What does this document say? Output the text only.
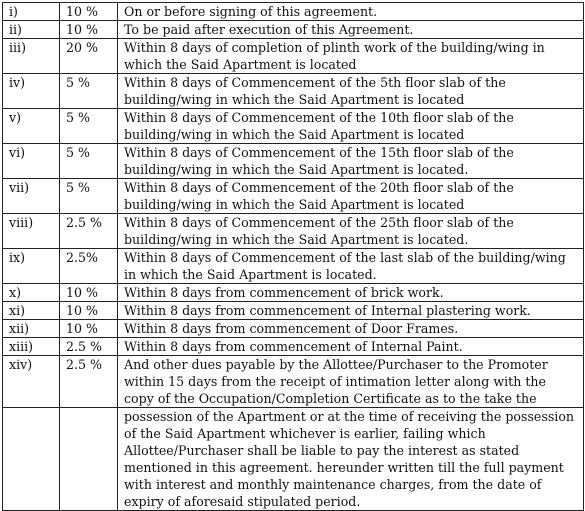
i)	10 %	On or before signing of this agreement.
ii)	10 %	To be paid after execution of this Agreement.
iii)	20 %	Within 8 days of completion of plinth work of the building/wing in which the Said Apartment is located
iv)	5 %	Within 8 days of Commencement of the 5th floor slab of the building/wing in which the Said Apartment is located
v)	5 %	Within 8 days of Commencement of the 10th floor slab of the building/wing in which the Said Apartment is located
vi)	5 %	Within 8 days of Commencement of the 15th floor slab of the building/wing in which the Said Apartment is located.
vii)	5 %	Within 8 days of Commencement of the 20th floor slab of the building/wing in which the Said Apartment is located
viii)	2.5 %	Within 8 days of Commencement of the 25th floor slab of the building/wing in which the Said Apartment is located.
ix)	2.5%	Within 8 days of Commencement of the last slab of the building/wing in which the Said Apartment is located.
x)	10 %	Within 8 days from commencement of brick work.
xi)	10 %	Within 8 days from commencement of Internal plastering work.
xii)	10 %	Within 8 days from commencement of Door Frames.
xiii)	2.5 %	Within 8 days from commencement of Internal Paint.
xiv)	2.5 %	And other dues payable by the Allottee/Purchaser to the Promoter within 15 days from the receipt of intimation letter along with the copy of the Occupation/Completion Certificate as to the take the
		possession of the Apartment or at the time of receiving the possession of the Said Apartment whichever is earlier, failing which Allottee/Purchaser shall be liable to pay the interest as stated mentioned in this agreement. hereunder written till the full payment with interest and monthly maintenance charges, from the date of expiry of aforesaid stipulated period.
